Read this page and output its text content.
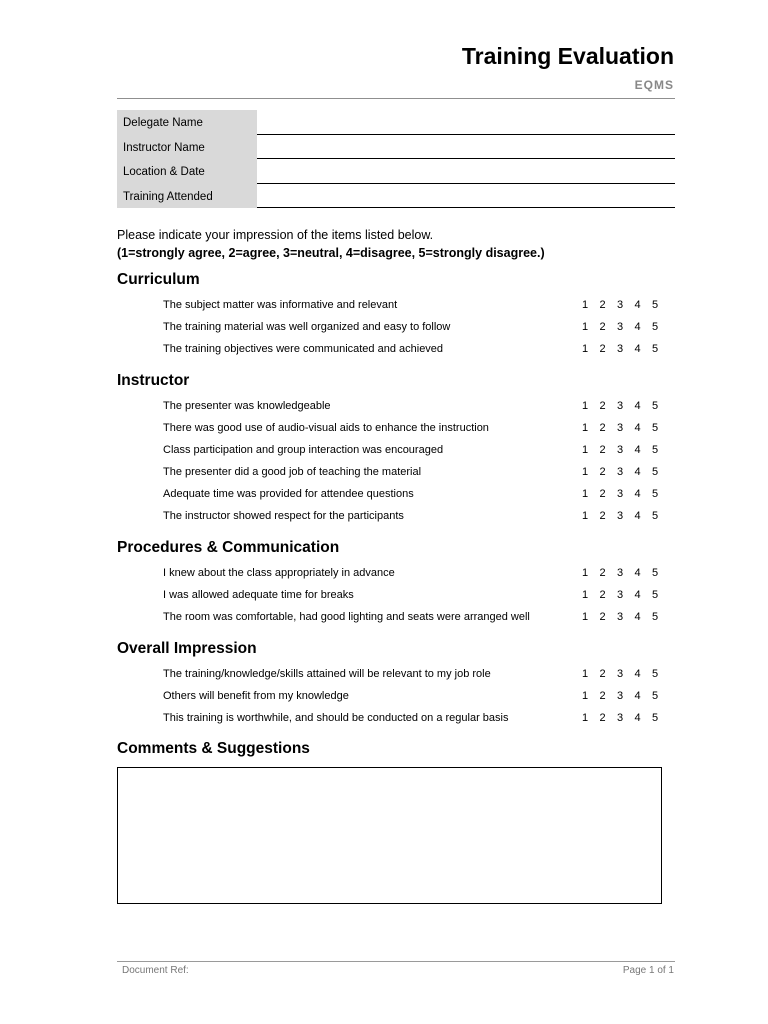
Training Evaluation
EQMS
Delegate Name
Instructor Name
Location & Date
Training Attended
Please indicate your impression of the items listed below.
(1=strongly agree, 2=agree, 3=neutral, 4=disagree, 5=strongly disagree.)
Curriculum
The subject matter was informative and relevant	1 2 3 4 5
The training material was well organized and easy to follow	1 2 3 4 5
The training objectives were communicated and achieved	1 2 3 4 5
Instructor
The presenter was knowledgeable	1 2 3 4 5
There was good use of audio-visual aids to enhance the instruction	1 2 3 4 5
Class participation and group interaction was encouraged	1 2 3 4 5
The presenter did a good job of teaching the material	1 2 3 4 5
Adequate time was provided for attendee questions	1 2 3 4 5
The instructor showed respect for the participants	1 2 3 4 5
Procedures & Communication
I knew about the class appropriately in advance	1 2 3 4 5
I was allowed adequate time for breaks	1 2 3 4 5
The room was comfortable, had good lighting and seats were arranged well	1 2 3 4 5
Overall Impression
The training/knowledge/skills attained will be relevant to my job role	1 2 3 4 5
Others will benefit from my knowledge	1 2 3 4 5
This training is worthwhile, and should be conducted on a regular basis	1 2 3 4 5
Comments & Suggestions
Document Ref:	Page 1 of 1
